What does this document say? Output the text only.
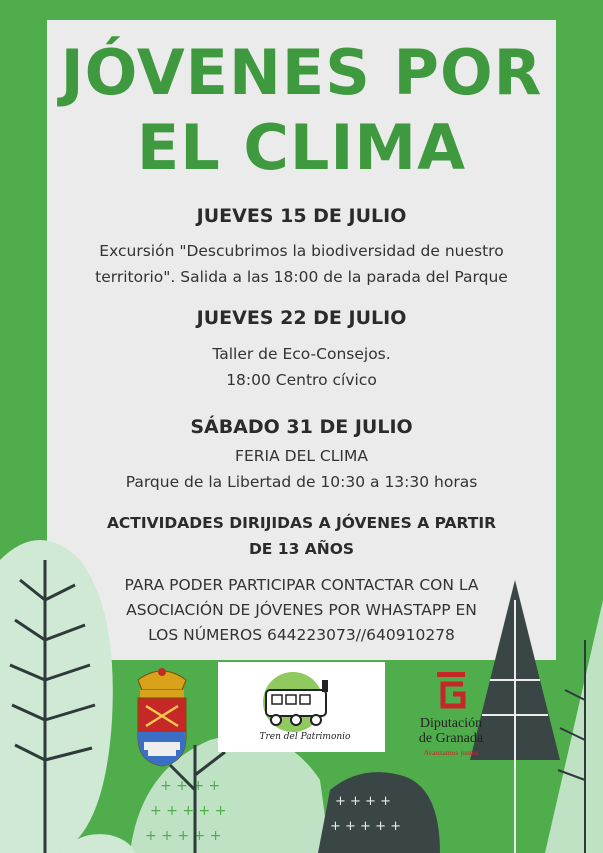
+ + + +
+ + + + +
+ + + + +
+ + + +
+ + + + +
JÓVENES POR
EL CLIMA
JUEVES 15 DE JULIO
Excursión "Descubrimos la biodiversidad de nuestro
territorio". Salida a las 18:00 de la parada del Parque
JUEVES 22 DE JULIO
Taller de Eco-Consejos.
18:00 Centro cívico
SÁBADO 31 DE JULIO
FERIA DEL CLIMA
Parque de la Libertad de 10:30 a 13:30 horas
ACTIVIDADES DIRIJIDAS A JÓVENES A PARTIR
DE 13 AÑOS
PARA PODER PARTICIPAR CONTACTAR CON LA
ASOCIACIÓN DE JÓVENES POR WHASTAPP EN
LOS NÚMEROS 644223073//640910278
Tren del Patrimonio
Diputación
de Granada
Avanzamos juntos
